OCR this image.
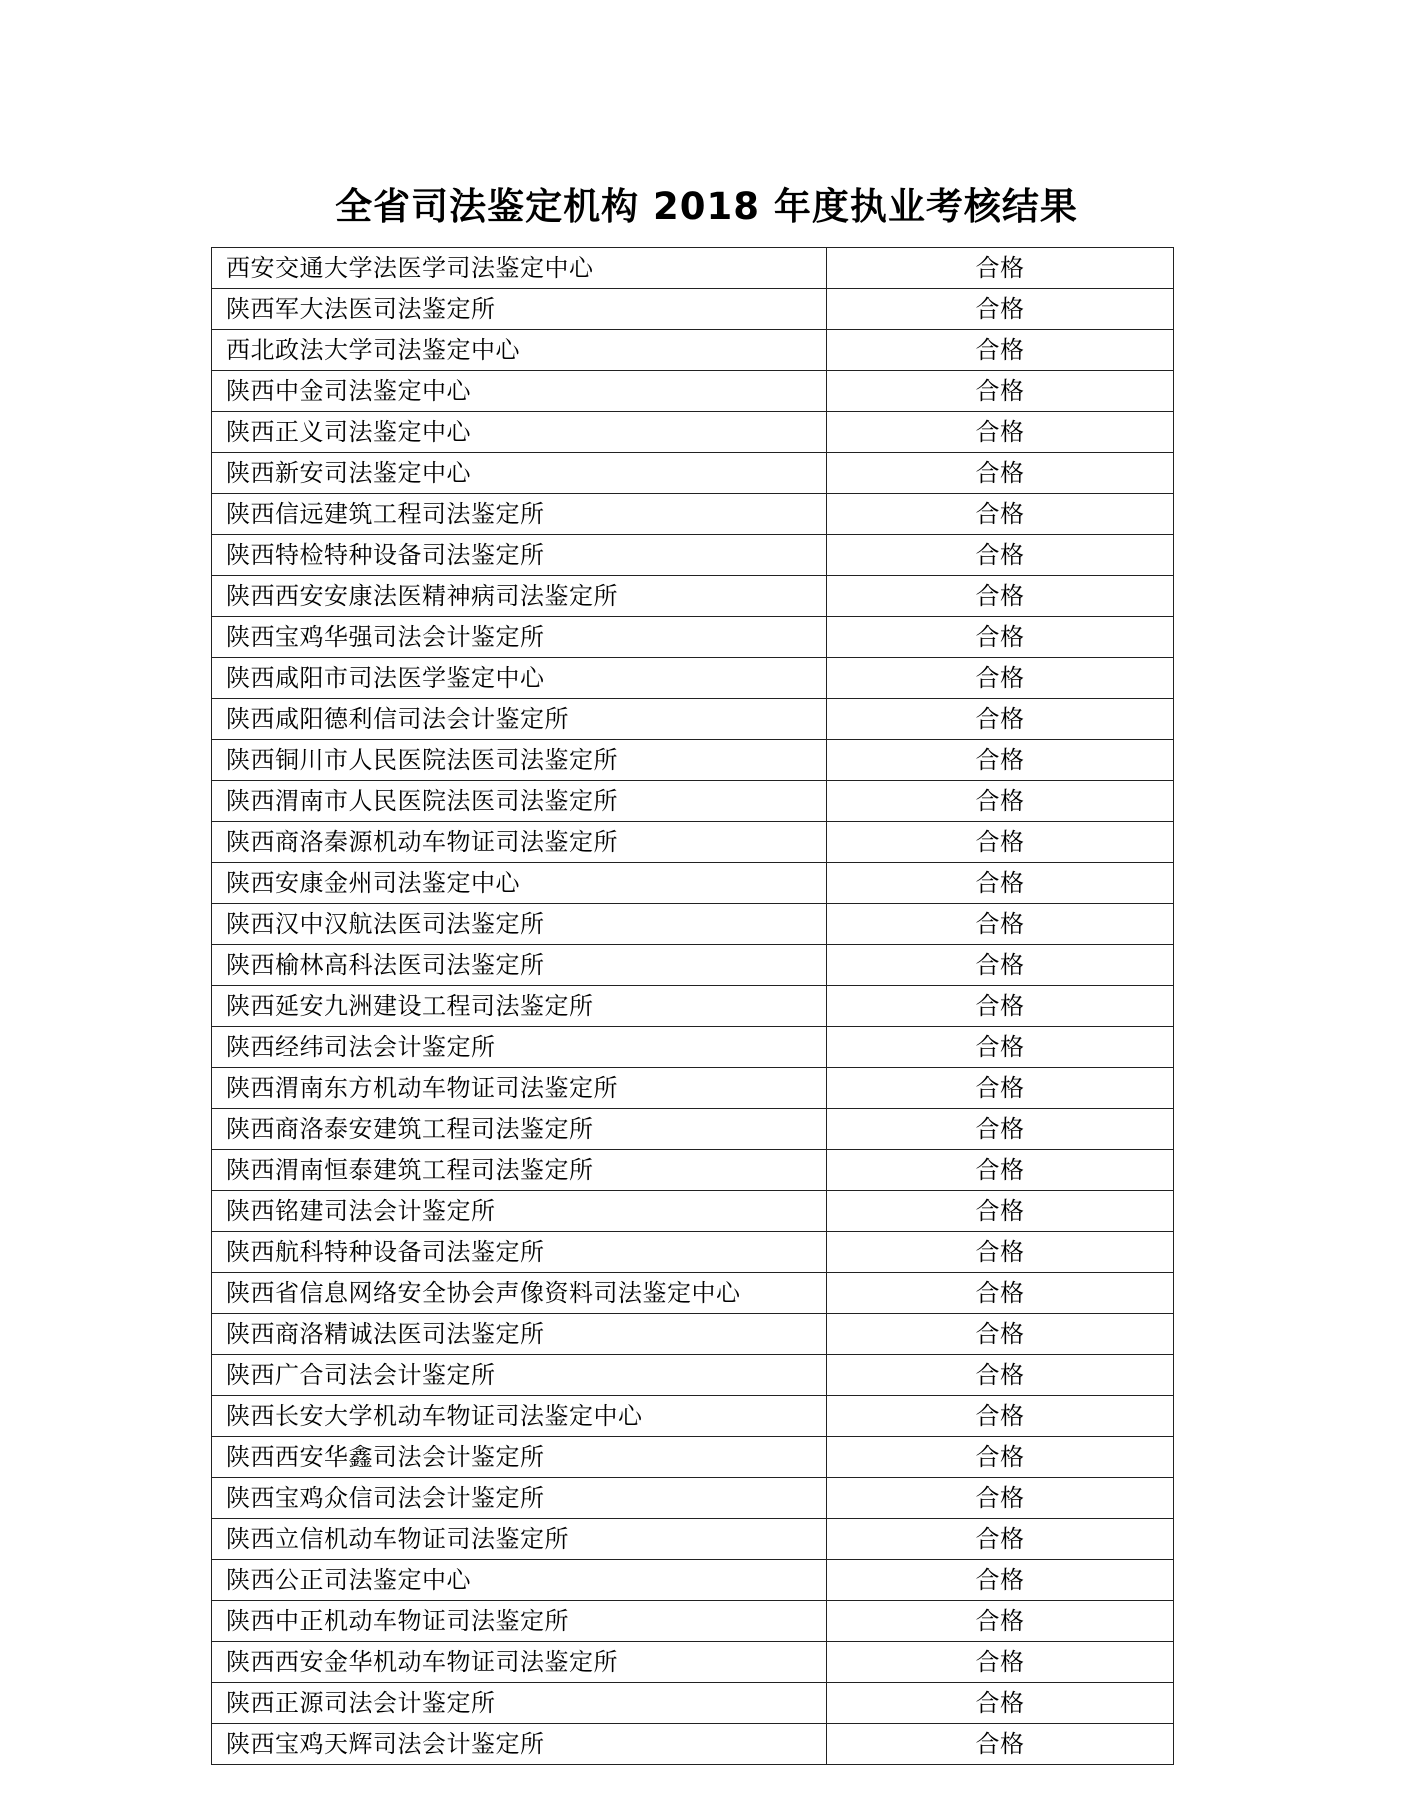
全省司法鉴定机构 2018 年度执业考核结果
西安交通大学法医学司法鉴定中心	合格
陕西军大法医司法鉴定所	合格
西北政法大学司法鉴定中心	合格
陕西中金司法鉴定中心	合格
陕西正义司法鉴定中心	合格
陕西新安司法鉴定中心	合格
陕西信远建筑工程司法鉴定所	合格
陕西特检特种设备司法鉴定所	合格
陕西西安安康法医精神病司法鉴定所	合格
陕西宝鸡华强司法会计鉴定所	合格
陕西咸阳市司法医学鉴定中心	合格
陕西咸阳德利信司法会计鉴定所	合格
陕西铜川市人民医院法医司法鉴定所	合格
陕西渭南市人民医院法医司法鉴定所	合格
陕西商洛秦源机动车物证司法鉴定所	合格
陕西安康金州司法鉴定中心	合格
陕西汉中汉航法医司法鉴定所	合格
陕西榆林高科法医司法鉴定所	合格
陕西延安九洲建设工程司法鉴定所	合格
陕西经纬司法会计鉴定所	合格
陕西渭南东方机动车物证司法鉴定所	合格
陕西商洛泰安建筑工程司法鉴定所	合格
陕西渭南恒泰建筑工程司法鉴定所	合格
陕西铭建司法会计鉴定所	合格
陕西航科特种设备司法鉴定所	合格
陕西省信息网络安全协会声像资料司法鉴定中心	合格
陕西商洛精诚法医司法鉴定所	合格
陕西广合司法会计鉴定所	合格
陕西长安大学机动车物证司法鉴定中心	合格
陕西西安华鑫司法会计鉴定所	合格
陕西宝鸡众信司法会计鉴定所	合格
陕西立信机动车物证司法鉴定所	合格
陕西公正司法鉴定中心	合格
陕西中正机动车物证司法鉴定所	合格
陕西西安金华机动车物证司法鉴定所	合格
陕西正源司法会计鉴定所	合格
陕西宝鸡天辉司法会计鉴定所	合格
